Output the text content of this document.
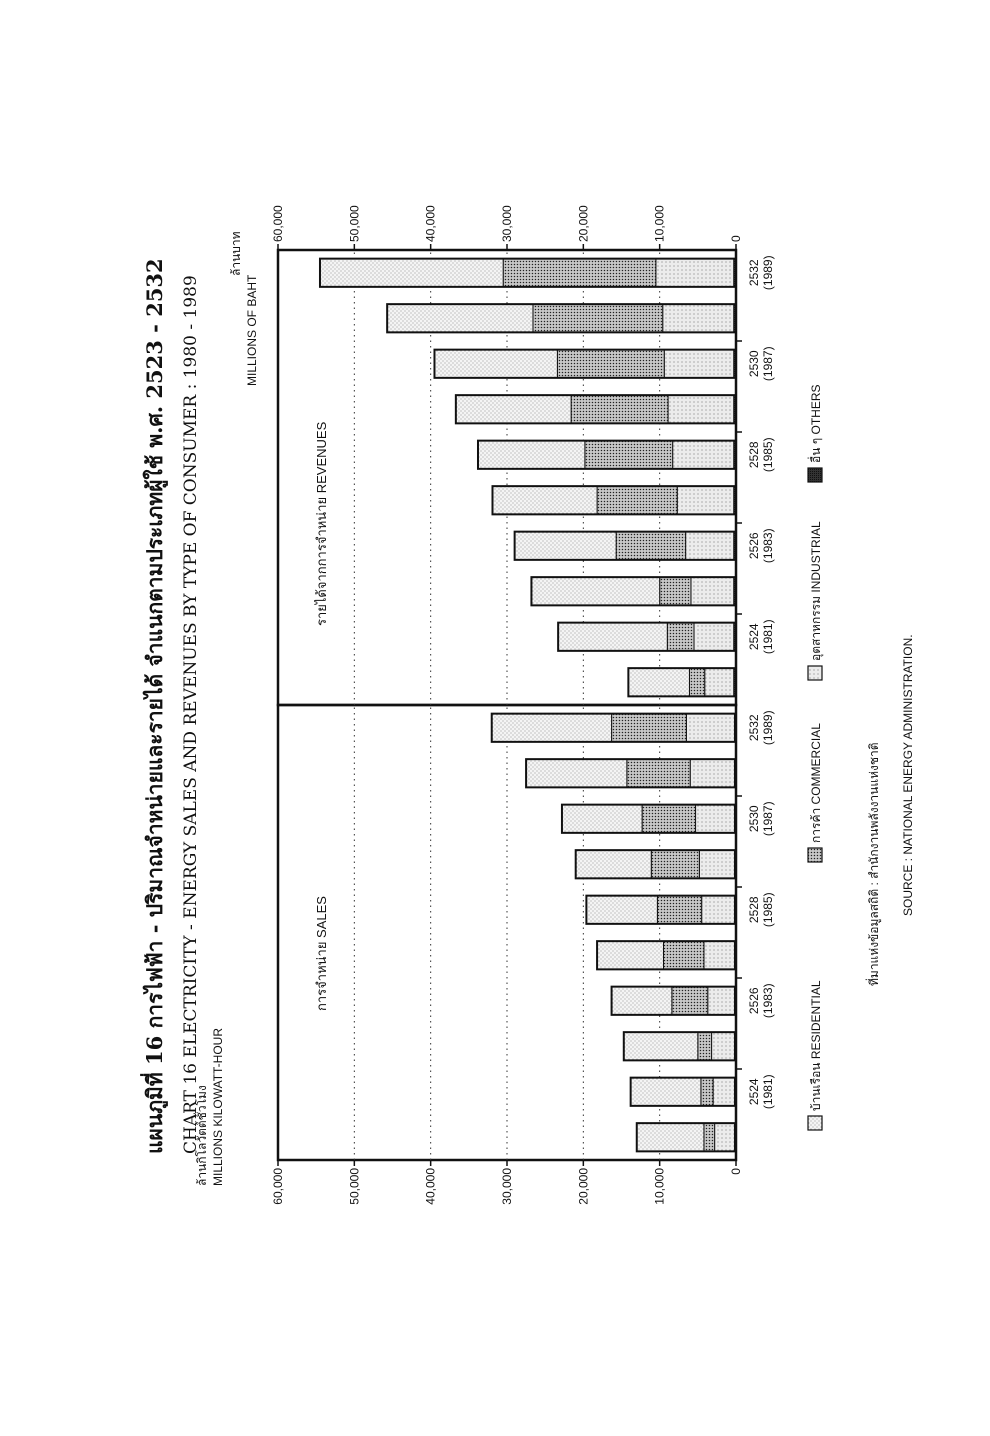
แผนภูมิที่ 16 การไฟฟ้า - ปริมาณจำหน่ายและรายได้ จำแนกตามประเภทผู้ใช้ พ.ศ. 2523 - 2532 CHART 16 ELECTRICITY - ENERGY SALES AND REVENUES BY TYPE OF CONSUMER : 1980 - 1989
ล้านกิโลวัตต์ชั่วโมง MILLIONS KILOWATT-HOUR
การจำหน่าย SALES
0
10,000
20,000
30,000
40,000
50,000
60,000
2524 (1981)
2526 (1983)
2528 (1985)
2530 (1987)
2532 (1989)
ล้านบาท
MILLIONS OF BAHT
รายได้จากการจำหน่าย REVENUES
0
10,000
20,000
30,000
40,000
50,000
60,000
2524 (1981)
2526 (1983)
2528 (1985)
2530 (1987)
2532 (1989)
บ้านเรือน RESIDENTIAL
การค้า COMMERCIAL
อุตสาหกรรม INDUSTRIAL
อื่น ๆ OTHERS
ที่มาแห่งข้อมูลสถิติ : สำนักงานพลังงานแห่งชาติ SOURCE : NATIONAL ENERGY ADMINISTRATION.
